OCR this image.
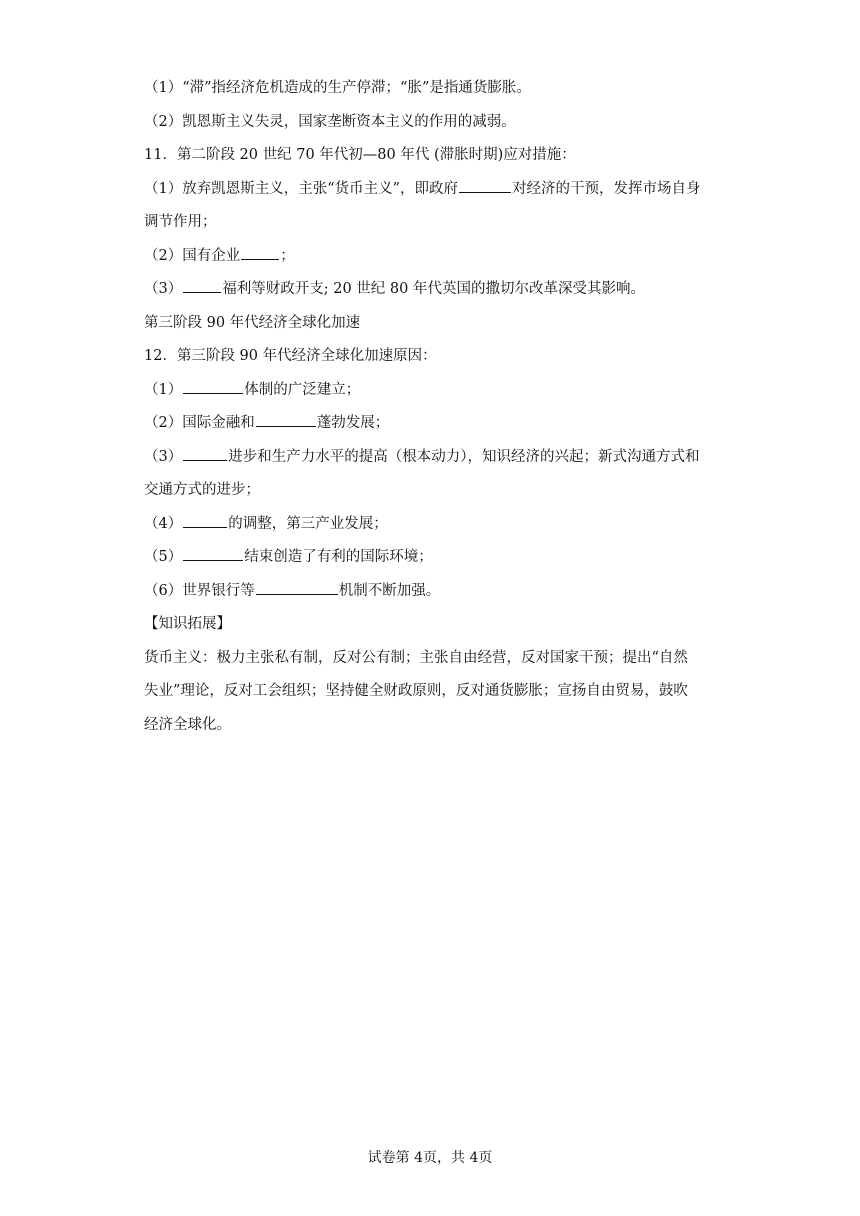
（1）“滞”指经济危机造成的生产停滞；“胀”是指通货膨胀。
（2）凯恩斯主义失灵，国家垄断资本主义的作用的减弱。
11．第二阶段 20 世纪 70 年代初—80 年代 (滞胀时期)应对措施：
（1）放弃凯恩斯主义，主张“货币主义”，即政府	对经济的干预，发挥市场自身
调节作用；
（2）国有企业	；
（3）	福利等财政开支; 20 世纪 80 年代英国的撒切尔改革深受其影响。
第三阶段 90 年代经济全球化加速
12．第三阶段 90 年代经济全球化加速原因：
（1）	体制的广泛建立；
（2）国际金融和	蓬勃发展；
（3）	进步和生产力水平的提高（根本动力），知识经济的兴起；新式沟通方式和
交通方式的进步；
（4）	的调整，第三产业发展；
（5）	结束创造了有利的国际环境；
（6）世界银行等	机制不断加强。
【知识拓展】
货币主义：极力主张私有制，反对公有制；主张自由经营，反对国家干预；提出“自然
失业”理论，反对工会组织；坚持健全财政原则，反对通货膨胀；宣扬自由贸易，鼓吹
经济全球化。
试卷第 4页，共 4页
